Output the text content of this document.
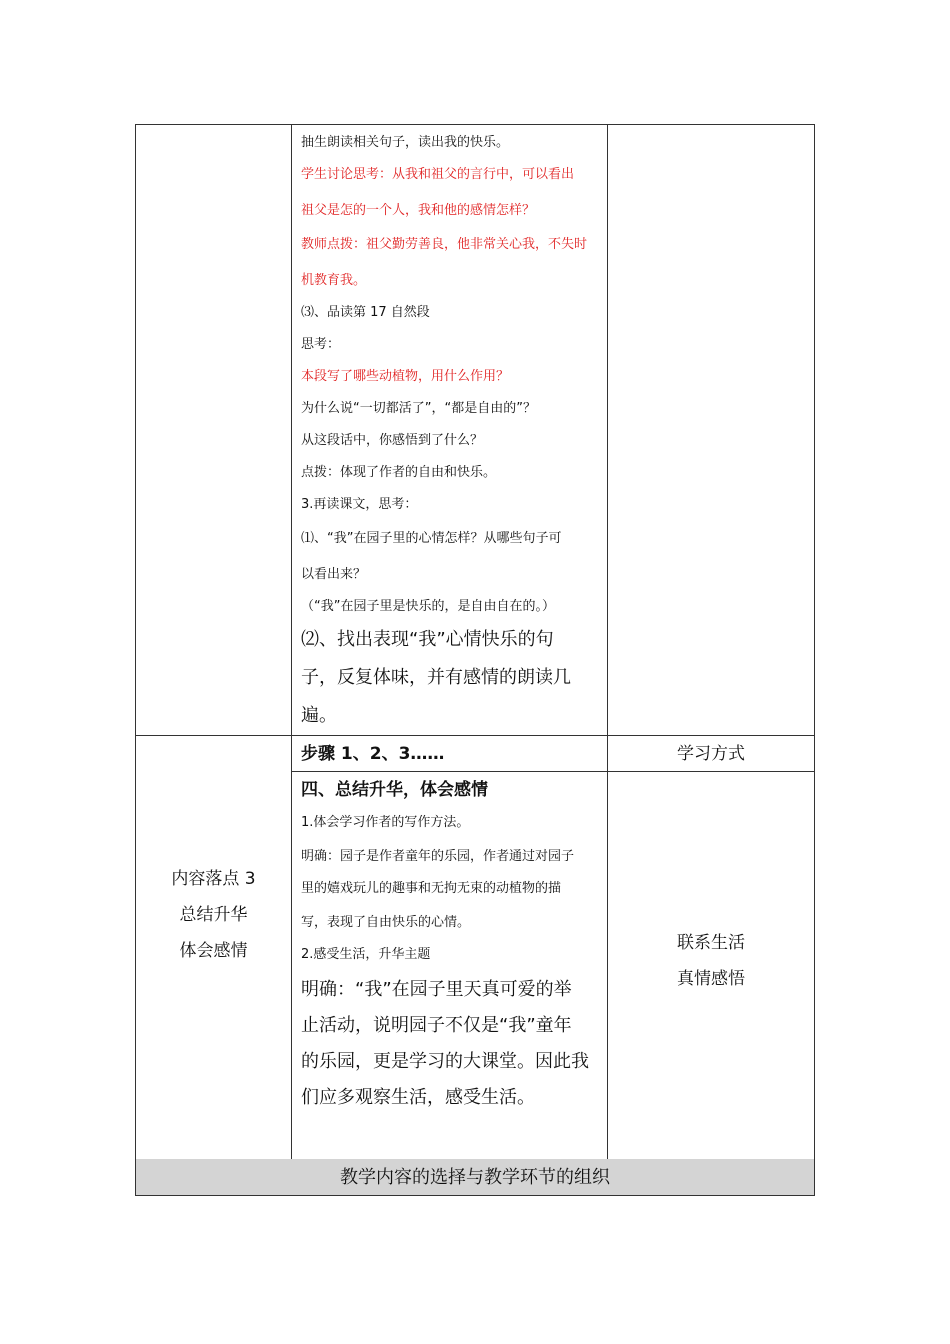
抽生朗读相关句子，读出我的快乐。
学生讨论思考：从我和祖父的言行中，可以看出
祖父是怎的一个人，我和他的感情怎样？
教师点拨：祖父勤劳善良，他非常关心我，不失时
机教育我。
⑶、品读第 17 自然段
思考：
本段写了哪些动植物，用什么作用？
为什么说“一切都活了”，“都是自由的”？
从这段话中，你感悟到了什么？
点拨：体现了作者的自由和快乐。
3.再读课文，思考：
⑴、“我”在园子里的心情怎样？从哪些句子可
以看出来？
（“我”在园子里是快乐的，是自由自在的。）
⑵、找出表现“我”心情快乐的句
子，反复体味，并有感情的朗读几
遍。
步骤 1、2、3……	学习方式
内容落点 3
总结升华
体会感情
四、总结升华，体会感情
1.体会学习作者的写作方法。
明确：园子是作者童年的乐园，作者通过对园子
里的嬉戏玩儿的趣事和无拘无束的动植物的描
写，表现了自由快乐的心情。
2.感受生活，升华主题
明确：“我”在园子里天真可爱的举
止活动，说明园子不仅是“我”童年
的乐园，更是学习的大课堂。因此我
们应多观察生活，感受生活。
联系生活
真情感悟
教学内容的选择与教学环节的组织
